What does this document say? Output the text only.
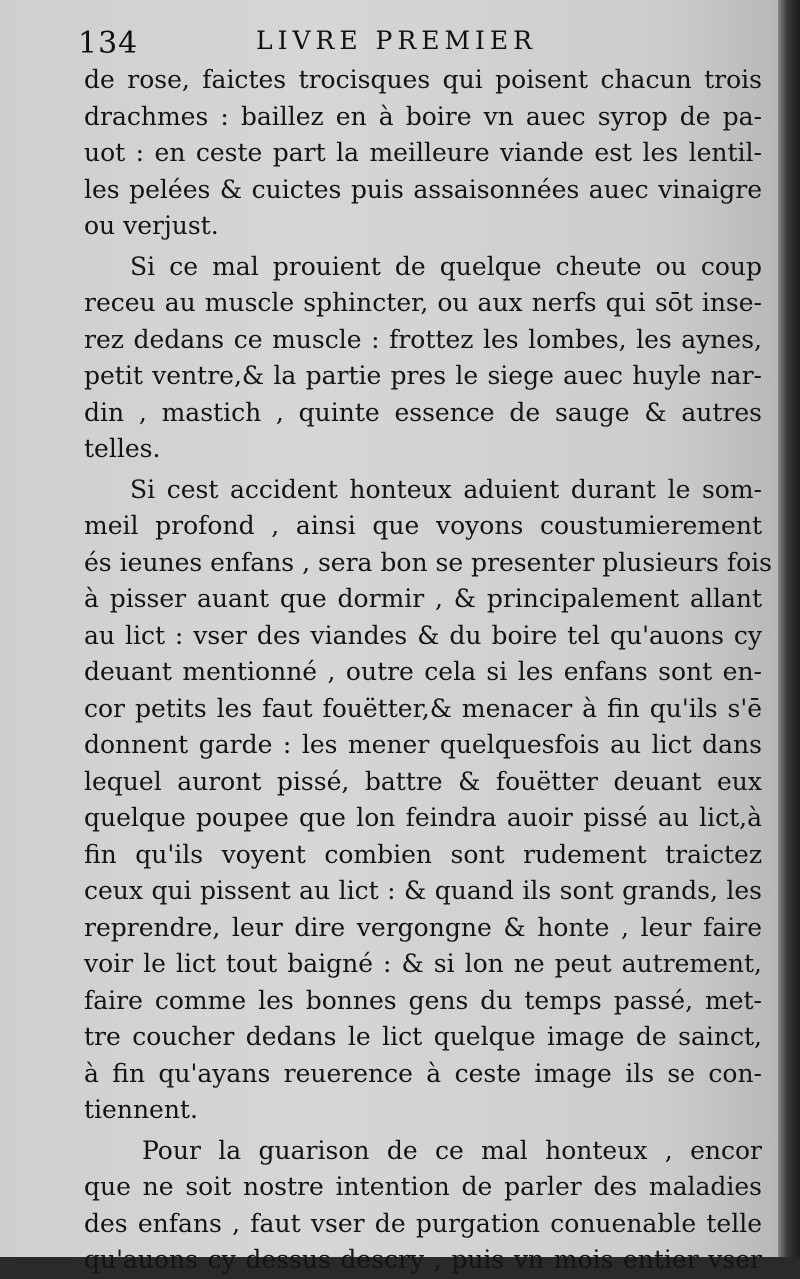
134	LIVRE PREMIER
de rose, faictes trocisques qui poisent chacun trois
drachmes : baillez en à boire vn auec syrop de pa-
uot : en ceste part la meilleure viande est les lentil-
les pelées & cuictes puis assaisonnées auec vinaigre
ou verjust.
Si ce mal prouient de quelque cheute ou coup
receu au muscle sphincter, ou aux nerfs qui sōt inse-
rez dedans ce muscle : frottez les lombes, les aynes,
petit ventre,& la partie pres le siege auec huyle nar-
din , mastich , quinte essence de sauge & autres
telles.
Si cest accident honteux aduient durant le som-
meil profond , ainsi que voyons coustumierement
és ieunes enfans , sera bon se presenter plusieurs fois
à pisser auant que dormir , & principalement allant
au lict : vser des viandes & du boire tel qu'auons cy
deuant mentionné , outre cela si les enfans sont en-
cor petits les faut fouëtter,& menacer à fin qu'ils s'ē
donnent garde : les mener quelquesfois au lict dans
lequel auront pissé, battre & fouëtter deuant eux
quelque poupee que lon feindra auoir pissé au lict,à
fin qu'ils voyent combien sont rudement traictez
ceux qui pissent au lict : & quand ils sont grands, les
reprendre, leur dire vergongne & honte , leur faire
voir le lict tout baigné : & si lon ne peut autrement,
faire comme les bonnes gens du temps passé, met-
tre coucher dedans le lict quelque image de sainct,
à fin qu'ayans reuerence à ceste image ils se con-
tiennent.
Pour la guarison de ce mal honteux , encor
que ne soit nostre intention de parler des maladies
des enfans , faut vser de purgation conuenable telle
qu'auons cy dessus descry , puis vn mois entier vser
